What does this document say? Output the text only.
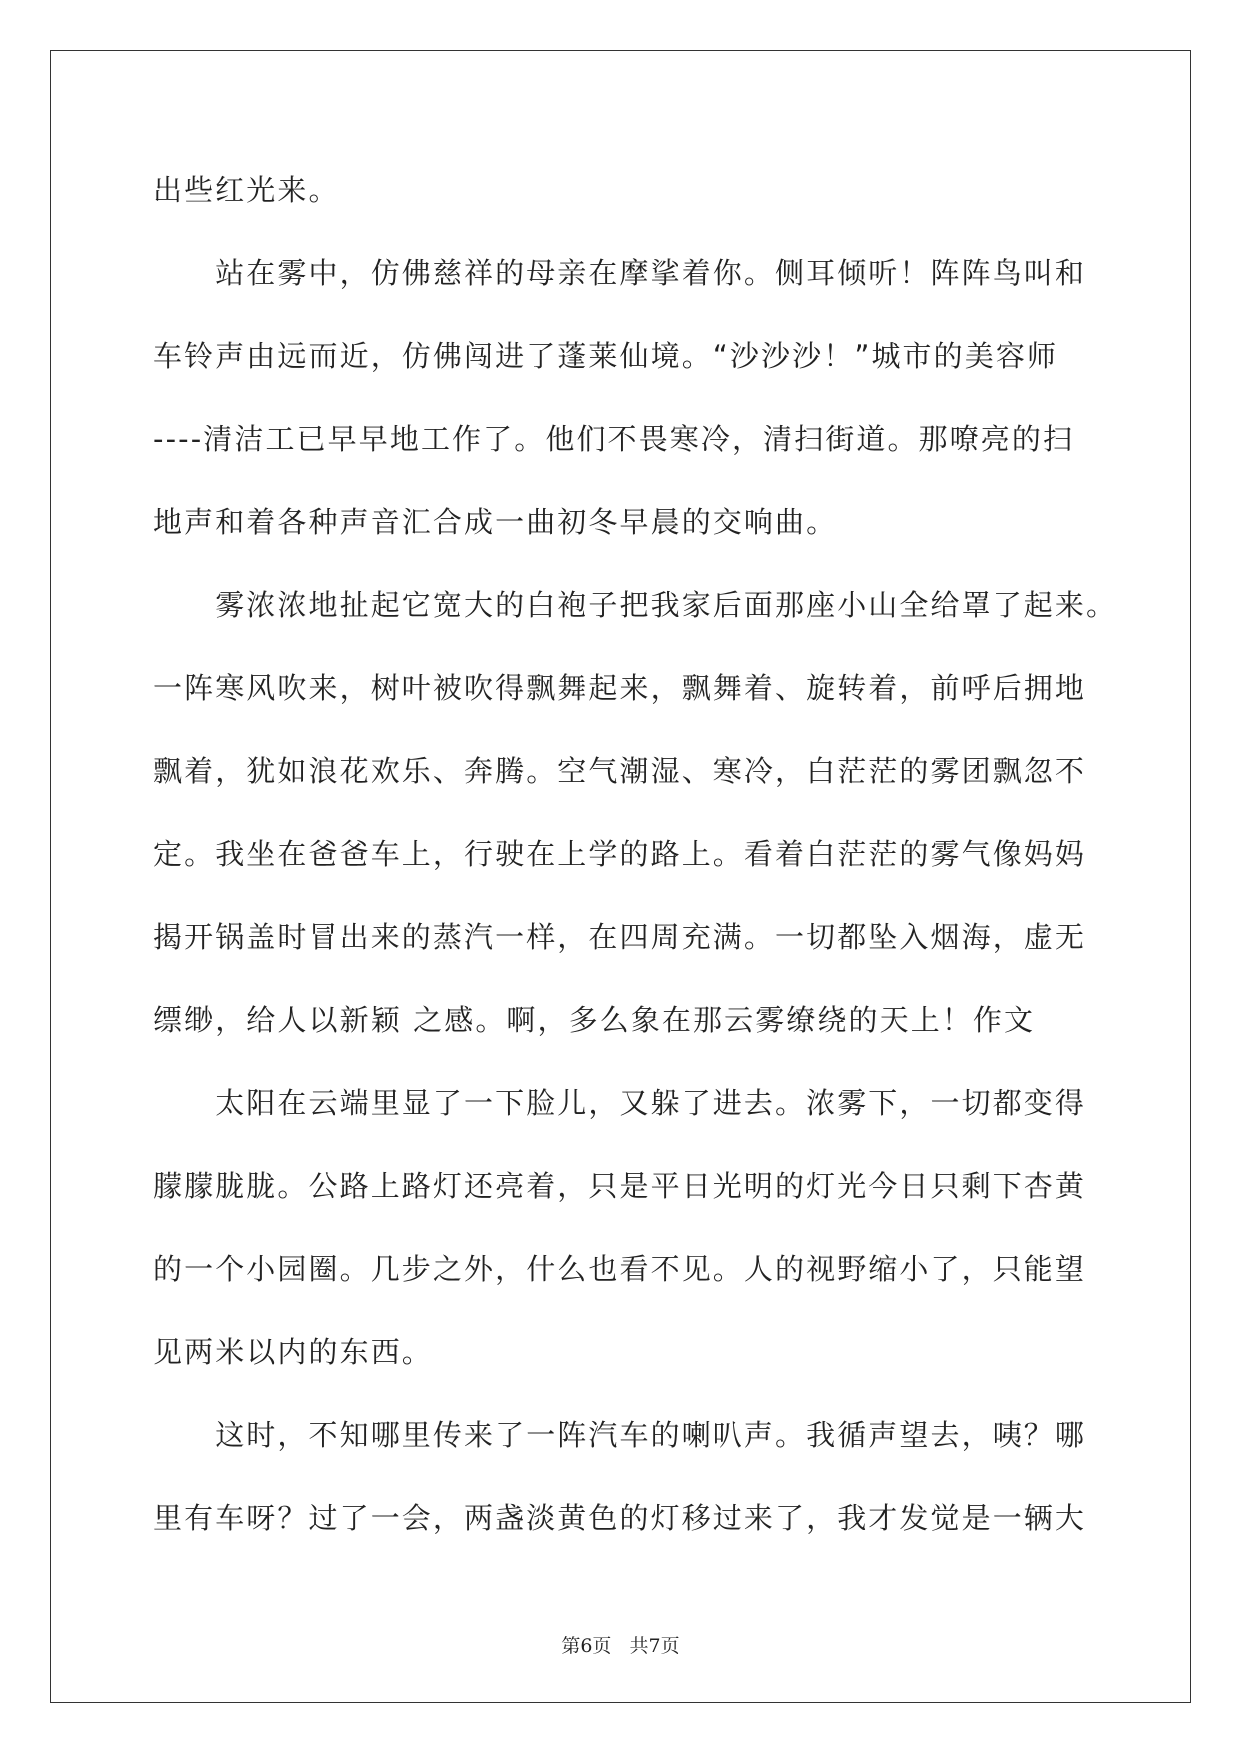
出些红光来。
　　站在雾中，仿佛慈祥的母亲在摩挲着你。侧耳倾听！阵阵鸟叫和
车铃声由远而近，仿佛闯进了蓬莱仙境。“沙沙沙！”城市的美容师
----清洁工已早早地工作了。他们不畏寒冷，清扫街道。那嘹亮的扫
地声和着各种声音汇合成一曲初冬早晨的交响曲。
　　雾浓浓地扯起它宽大的白袍子把我家后面那座小山全给罩了起来。
一阵寒风吹来，树叶被吹得飘舞起来，飘舞着、旋转着，前呼后拥地
飘着，犹如浪花欢乐、奔腾。空气潮湿、寒冷，白茫茫的雾团飘忽不
定。我坐在爸爸车上，行驶在上学的路上。看着白茫茫的雾气像妈妈
揭开锅盖时冒出来的蒸汽一样，在四周充满。一切都坠入烟海，虚无
缥缈，给人以新颖 之感。啊，多么象在那云雾缭绕的天上！作文
　　太阳在云端里显了一下脸儿，又躲了进去。浓雾下，一切都变得
朦朦胧胧。公路上路灯还亮着，只是平日光明的灯光今日只剩下杏黄
的一个小园圈。几步之外，什么也看不见。人的视野缩小了，只能望
见两米以内的东西。
　　这时，不知哪里传来了一阵汽车的喇叭声。我循声望去，咦？哪
里有车呀？过了一会，两盏淡黄色的灯移过来了，我才发觉是一辆大
第6页   共7页
